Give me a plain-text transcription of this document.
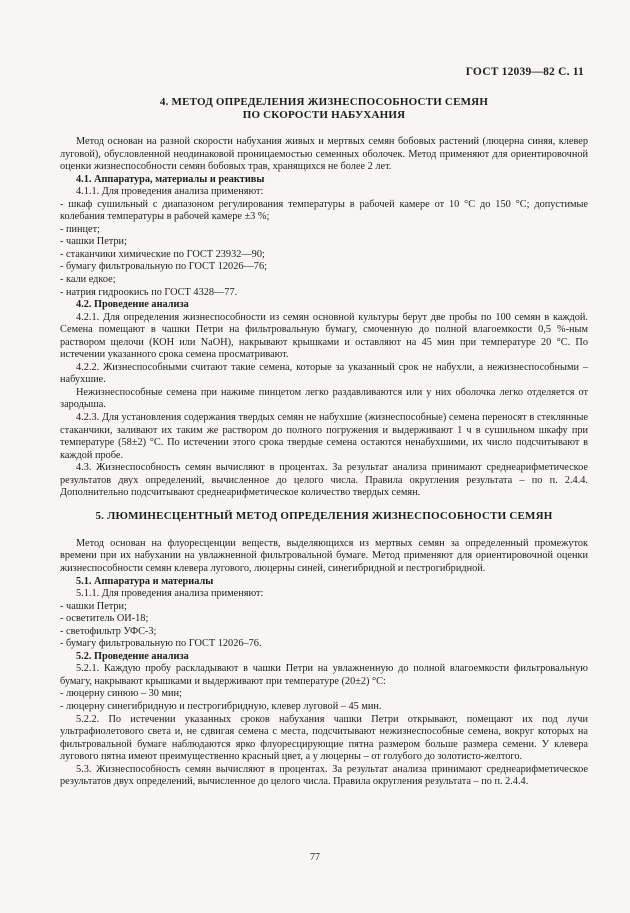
ГОСТ 12039—82 С. 11
4. МЕТОД ОПРЕДЕЛЕНИЯ ЖИЗНЕСПОСОБНОСТИ СЕМЯН
ПО СКОРОСТИ НАБУХАНИЯ

Метод основан на разной скорости набухания живых и мертвых семян бобовых растений (люцерна синяя, клевер луговой), обусловленной неодинаковой проницаемостью семенных оболочек. Метод применяют для ориентировочной оценки жизнеспособности семян бобовых трав, хранящихся не более 2 лет.

4.1. Аппаратура, материалы и реактивы

4.1.1. Для проведения анализа применяют:

- шкаф сушильный с диапазоном регулирования температуры в рабочей камере от 10 °С до 150 °С; допустимые колебания температуры в рабочей камере ±3 %;

- пинцет;

- чашки Петри;

- стаканчики химические по ГОСТ 23932—90;

- бумагу фильтровальную по ГОСТ 12026—76;

- кали едкое;

- натрия гидроокись по ГОСТ 4328—77.

4.2. Проведение анализа

4.2.1. Для определения жизнеспособности из семян основной культуры берут две пробы по 100 семян в каждой. Семена помещают в чашки Петри на фильтровальную бумагу, смоченную до полной влагоемкости 0,5 %-ным раствором щелочи (КОН или NaOH), накрывают крышками и оставляют на 45 мин при температуре 20 °С. По истечении указанного срока семена просматривают.

4.2.2. Жизнеспособными считают такие семена, которые за указанный срок не набухли, а нежизнеспособными – набухшие.

Нежизнеспособные семена при нажиме пинцетом легко раздавливаются или у них оболочка легко отделяется от зародыша.

4.2.3. Для установления содержания твердых семян не набухшие (жизнеспособные) семена переносят в стеклянные стаканчики, заливают их таким же раствором до полного погружения и выдерживают 1 ч в сушильном шкафу при температуре (58±2) °С. По истечении этого срока твердые семена остаются ненабухшими, их число подсчитывают в каждой пробе.

4.3. Жизнеспособность семян вычисляют в процентах. За результат анализа принимают среднеарифметическое результатов двух определений, вычисленное до целого числа. Правила округления результата – по п. 2.4.4. Дополнительно подсчитывают среднеарифметическое количество твердых семян.

5. ЛЮМИНЕСЦЕНТНЫЙ МЕТОД ОПРЕДЕЛЕНИЯ ЖИЗНЕСПОСОБНОСТИ СЕМЯН

Метод основан на флуоресценции веществ, выделяющихся из мертвых семян за определенный промежуток времени при их набухании на увлажненной фильтровальной бумаге. Метод применяют для ориентировочной оценки жизнеспособности семян клевера лугового, люцерны синей, синегибридной и пестрогибридной.

5.1. Аппаратура и материалы

5.1.1. Для проведения анализа применяют:

- чашки Петри;

- осветитель ОИ-18;

- светофильтр УФС-3;

- бумагу фильтровальную по ГОСТ 12026–76.

5.2. Проведение анализа

5.2.1. Каждую пробу раскладывают в чашки Петри на увлажненную до полной влагоемкости фильтровальную бумагу, накрывают крышками и выдерживают при температуре (20±2) °С:

- люцерну синюю – 30 мин;

- люцерну синегибридную и пестрогибридную, клевер луговой – 45 мин.

5.2.2. По истечении указанных сроков набухания чашки Петри открывают, помещают их под лучи ультрафиолетового света и, не сдвигая семена с места, подсчитывают нежизнеспособные семена, вокруг которых на фильтровальной бумаге наблюдаются ярко флуоресцирующие пятна размером больше размера семени. У клевера лугового пятна имеют преимущественно красный цвет, а у люцерны – от голубого до золотисто-желтого.

5.3. Жизнеспособность семян вычисляют в процентах. За результат анализа принимают среднеарифметическое результатов двух определений, вычисленное до целого числа. Правила округления результата – по п. 2.4.4.

77
